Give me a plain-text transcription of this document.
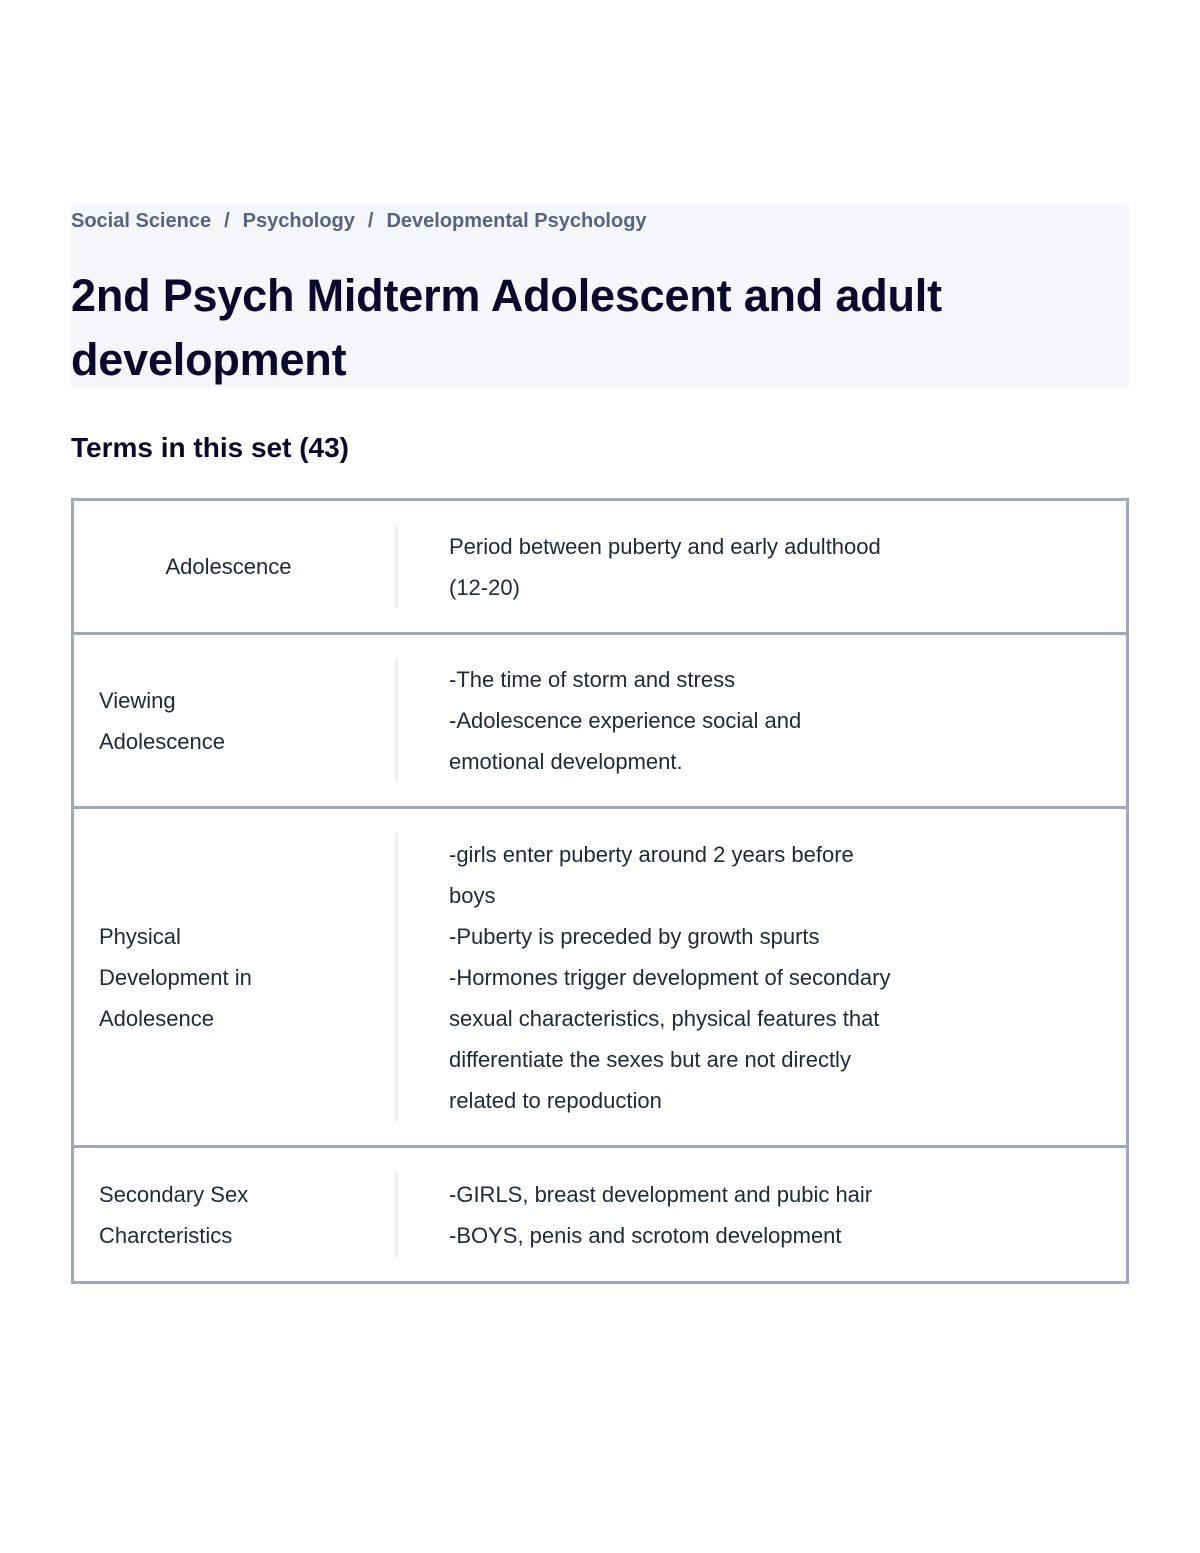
Social Science / Psychology / Developmental Psychology
2nd Psych Midterm Adolescent and adult
development
Terms in this set (43)
Adolescence
Period between puberty and early adulthood
(12-20)
Viewing
Adolescence
-The time of storm and stress
-Adolescence experience social and
emotional development.
Physical
Development in
Adolesence
-girls enter puberty around 2 years before
boys
-Puberty is preceded by growth spurts
-Hormones trigger development of secondary
sexual characteristics, physical features that
differentiate the sexes but are not directly
related to repoduction
Secondary Sex
Charcteristics
-GIRLS, breast development and pubic hair
-BOYS, penis and scrotom development
